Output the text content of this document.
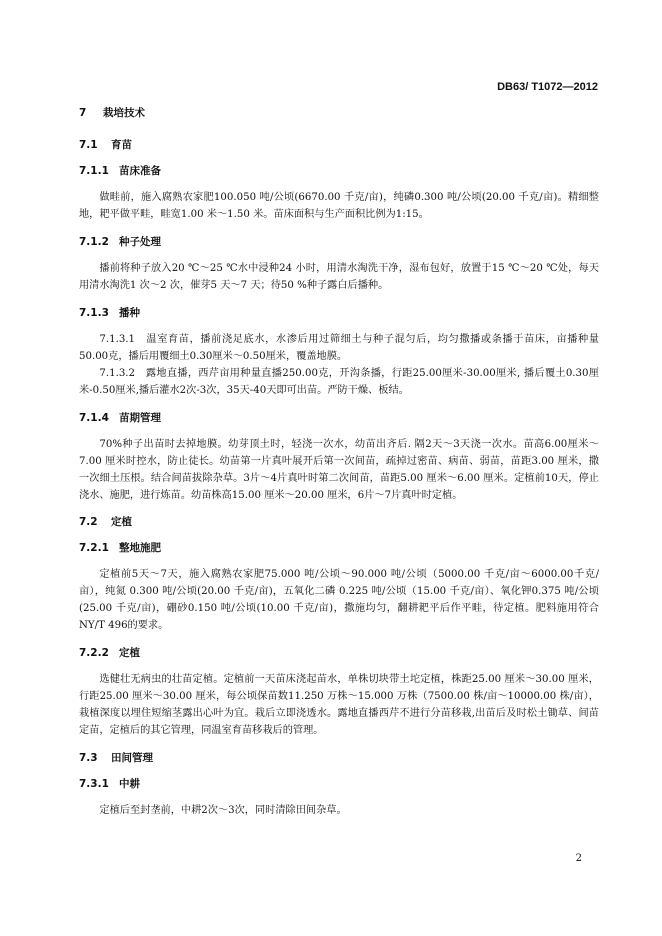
DB63/ T1072—2012
7 栽培技术
7.1 育苗
7.1.1 苗床准备

做畦前，施入腐熟农家肥100.050 吨/公顷(6670.00 千克/亩)，纯磷0.300 吨/公顷(20.00 千克/亩)。精细整地，耙平做平畦，畦宽1.00 米～1.50 米。苗床面积与生产面积比例为1:15。

7.1.2 种子处理

播前将种子放入20 ℃～25 ℃水中浸种24 小时，用清水淘洗干净，湿布包好，放置于15 ℃～20 ℃处，每天用清水淘洗1 次～2 次，催芽5 天～7 天；待50 %种子露白后播种。

7.1.3 播种

7.1.3.1　温室育苗，播前浇足底水，水渗后用过筛细土与种子混匀后，均匀撒播或条播于苗床，亩播种量50.00克，播后用覆细土0.30厘米～0.50厘米，覆盖地膜。

7.1.3.2　露地直播，西芹亩用种量直播250.00克，开沟条播，行距25.00厘米-30.00厘米, 播后覆土0.30厘米-0.50厘米,播后灌水2次-3次，35天-40天即可出苗。严防干燥、板结。

7.1.4 苗期管理

70%种子出苗时去掉地膜。幼芽顶土时，轻浇一次水，幼苗出齐后. 隔2天～3天浇一次水。苗高6.00厘米～7.00 厘米时控水，防止徒长。幼苗第一片真叶展开后第一次间苗，疏掉过密苗、病苗、弱苗，苗距3.00 厘米，撒一次细土压根。结合间苗拔除杂草。3片～4片真叶时第二次间苗，苗距5.00 厘米～6.00 厘米。定植前10天，停止浇水、施肥，进行炼苗。幼苗株高15.00 厘米～20.00 厘米，6片～7片真叶时定植。

7.2 定植
7.2.1 整地施肥

定植前5天～7天，施入腐熟农家肥75.000 吨/公顷～90.000 吨/公顷（5000.00 千克/亩～6000.00千克/亩），纯氮 0.300 吨/公顷(20.00 千克/亩)，五氧化二磷 0.225 吨/公顷（15.00 千克/亩）、氧化钾0.375 吨/公顷(25.00 千克/亩)，硼砂0.150 吨/公顷(10.00 千克/亩)，撒施均匀，翻耕耙平后作平畦，待定植。肥料施用符合NY/T 496的要求。

7.2.2 定植

选健壮无病虫的壮苗定植。定植前一天苗床浇起苗水，单株切块带土坨定植，株距25.00 厘米～30.00 厘米，行距25.00 厘米～30.00 厘米，每公顷保苗数11.250 万株～15.000 万株（7500.00 株/亩～10000.00 株/亩），栽植深度以埋住短缩茎露出心叶为宜。栽后立即浇透水。露地直播西芹不进行分苗移栽,出苗后及时松土锄草、间苗定苗，定植后的其它管理，同温室育苗移栽后的管理。

7.3 田间管理
7.3.1 中耕

定植后至封垄前，中耕2次～3次，同时清除田间杂草。

2
